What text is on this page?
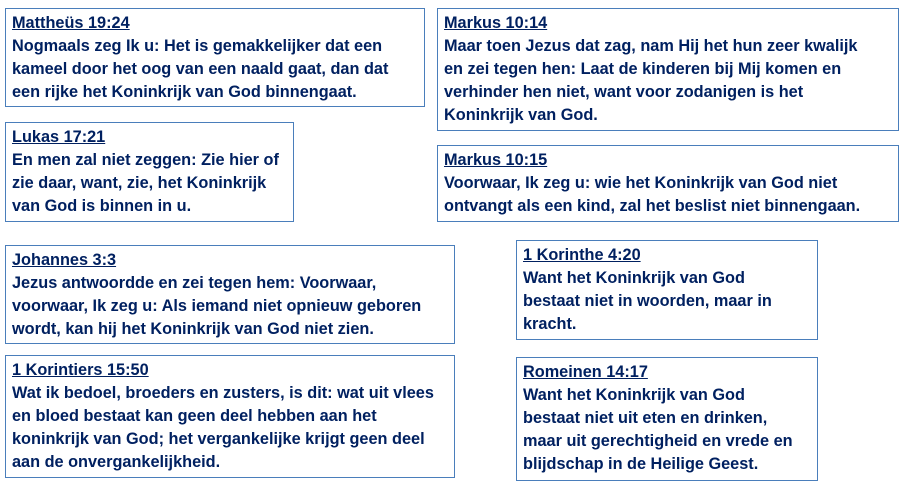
Mattheüs 19:24
Nogmaals zeg Ik u: Het is gemakkelijker dat een
kameel door het oog van een naald gaat, dan dat
een rijke het Koninkrijk van God binnengaat.
Lukas 17:21
En men zal niet zeggen: Zie hier of
zie daar, want, zie, het Koninkrijk
van God is binnen in u.
Johannes 3:3
Jezus antwoordde en zei tegen hem: Voorwaar,
voorwaar, Ik zeg u: Als iemand niet opnieuw geboren
wordt, kan hij het Koninkrijk van God niet zien.
1 Korintiers 15:50
Wat ik bedoel, broeders en zusters, is dit: wat uit vlees
en bloed bestaat kan geen deel hebben aan het
koninkrijk van God; het vergankelijke krijgt geen deel
aan de onvergankelijkheid.
Markus 10:14
Maar toen Jezus dat zag, nam Hij het hun zeer kwalijk
en zei tegen hen: Laat de kinderen bij Mij komen en
verhinder hen niet, want voor zodanigen is het
Koninkrijk van God.
Markus 10:15
Voorwaar, Ik zeg u: wie het Koninkrijk van God niet
ontvangt als een kind, zal het beslist niet binnengaan.
1 Korinthe 4:20
Want het Koninkrijk van God
bestaat niet in woorden, maar in
kracht.
Romeinen 14:17
Want het Koninkrijk van God
bestaat niet uit eten en drinken,
maar uit gerechtigheid en vrede en
blijdschap in de Heilige Geest.
